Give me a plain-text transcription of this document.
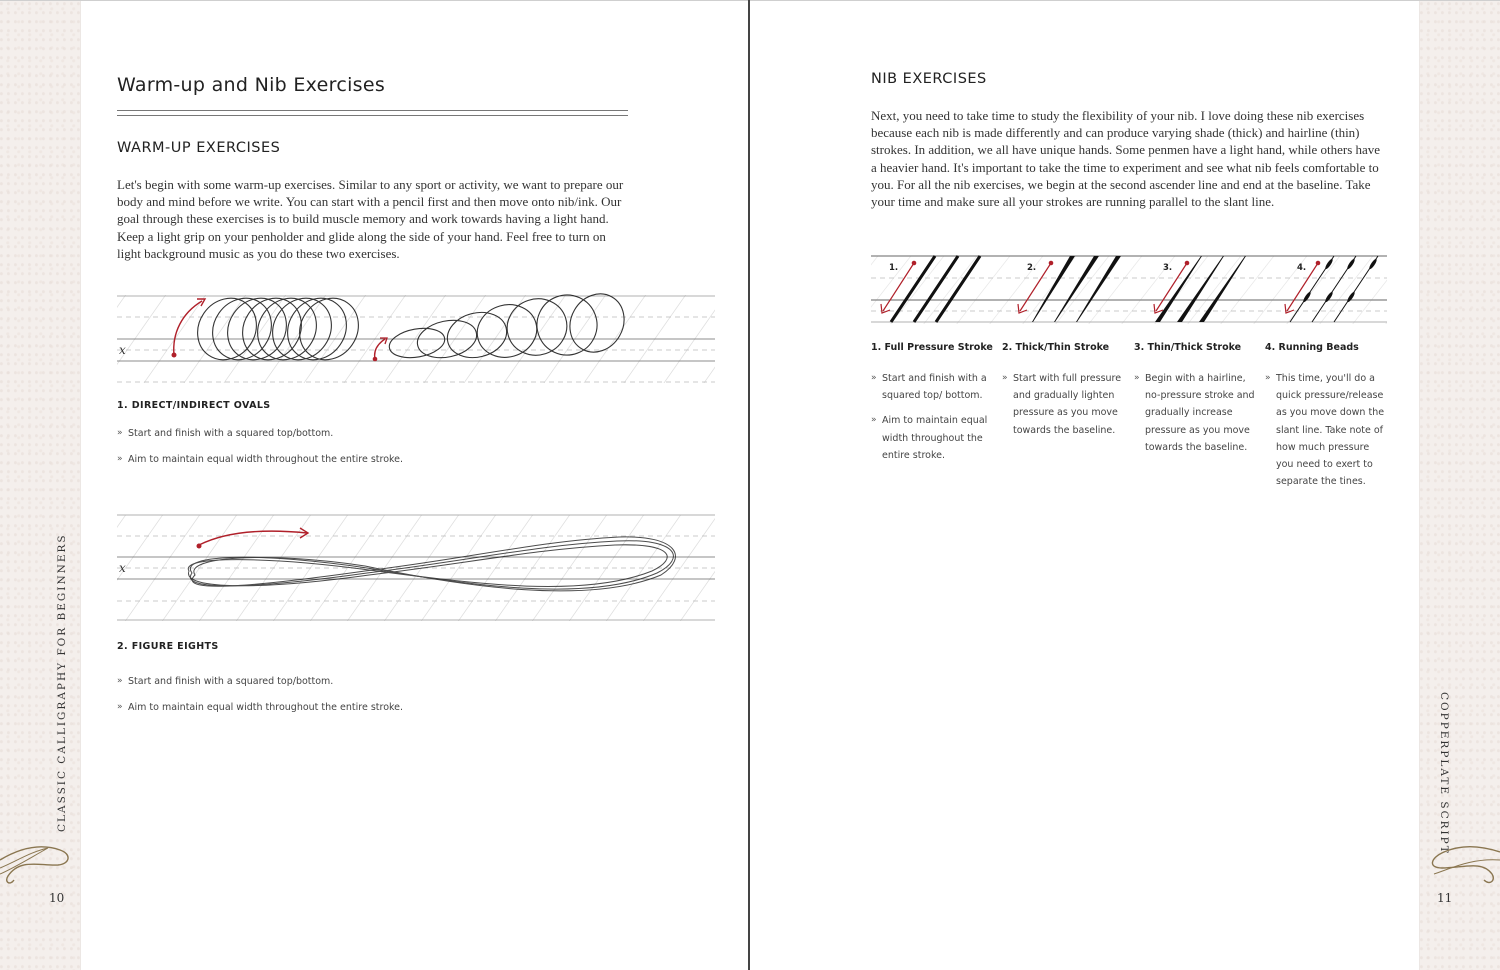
CLASSIC CALLIGRAPHY FOR BEGINNERS
10
COPPERPLATE SCRIPT
11
Warm-up and Nib Exercises
WARM-UP EXERCISES
Let's begin with some warm-up exercises. Similar to any sport or activity, we want to prepare our body and mind before we write. You can start with a pencil first and then move onto nib/ink. Our goal through these exercises is to build muscle memory and work towards having a light hand. Keep a light grip on your penholder and glide along the side of your hand. Feel free to turn on light background music as you do these two exercises.
x
1. DIRECT/INDIRECT OVALS
» Start and finish with a squared top/bottom.
» Aim to maintain equal width throughout the entire stroke.
x
2. FIGURE EIGHTS
» Start and finish with a squared top/bottom.
» Aim to maintain equal width throughout the entire stroke.
NIB EXERCISES
Next, you need to take time to study the flexibility of your nib. I love doing these nib exercises because each nib is made differently and can produce varying shade (thick) and hairline (thin) strokes. In addition, we all have unique hands. Some penmen have a light hand, while others have a heavier hand. It's important to take the time to experiment and see what nib feels comfortable to you. For all the nib exercises, we begin at the second ascender line and end at the baseline. Take your time and make sure all your strokes are running parallel to the slant line.
1.	2.	3.	4.
1. Full Pressure Stroke
» Start and finish with a squared top/ bottom.
» Aim to maintain equal width throughout the entire stroke.
2. Thick/Thin Stroke
» Start with full pressure and gradually lighten pressure as you move towards the baseline.
3. Thin/Thick Stroke
» Begin with a hairline, no-pressure stroke and gradually increase pressure as you move towards the baseline.
4. Running Beads
» This time, you'll do a quick pressure/release as you move down the slant line. Take note of how much pressure you need to exert to separate the tines.
